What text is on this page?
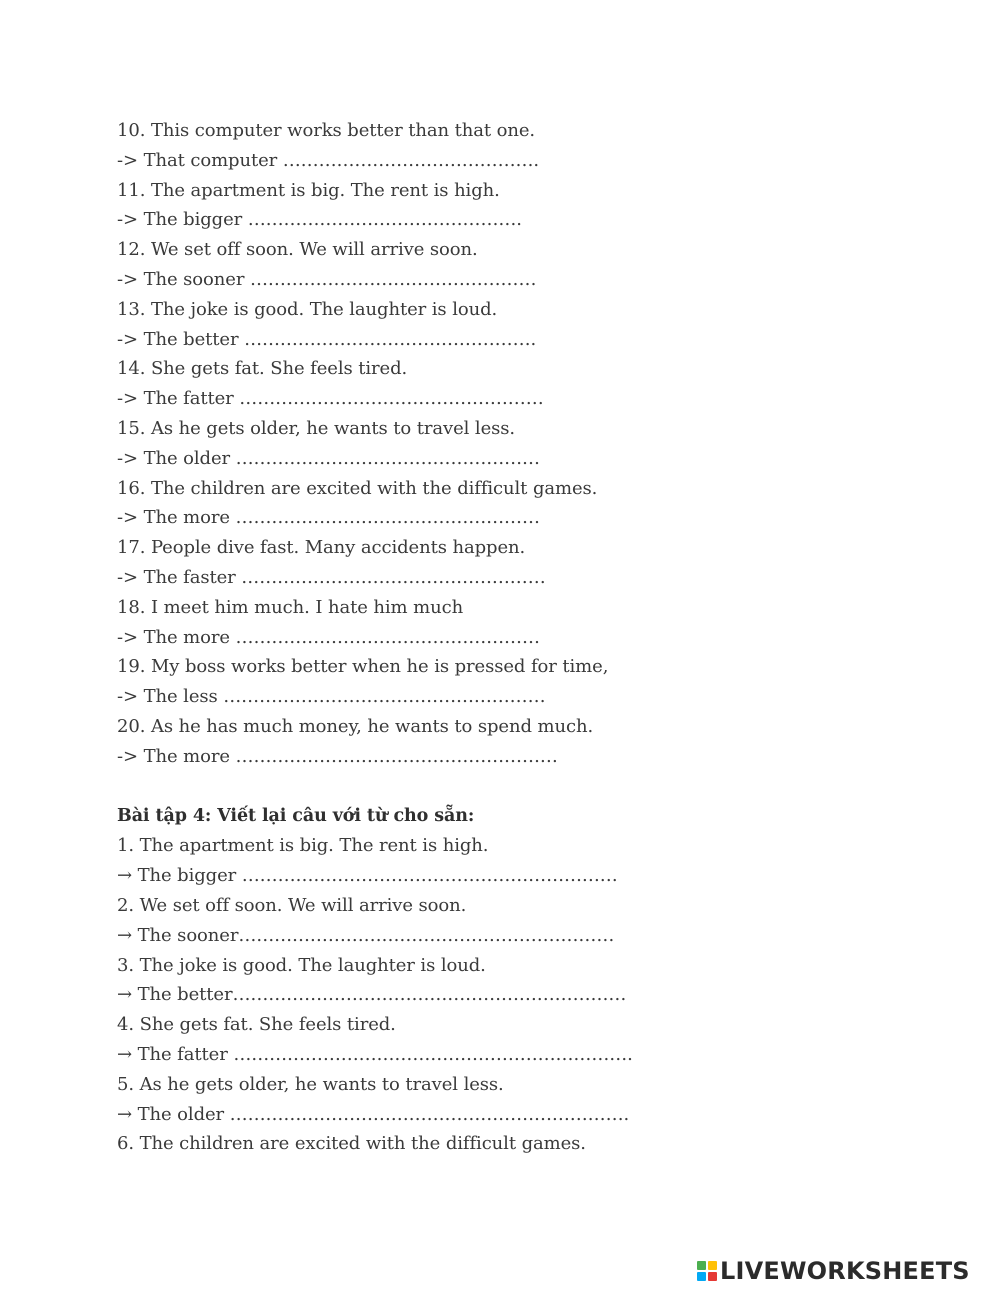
10. This computer works better than that one.
-> That computer …………………………………….
11. The apartment is big. The rent is high.
-> The bigger ……………………………………….
12. We set off soon. We will arrive soon.
-> The sooner …………………………………………
13. The joke is good. The laughter is loud.
-> The better ………………………………………….
14. She gets fat. She feels tired.
-> The fatter ……………………………………………
15. As he gets older, he wants to travel less.
-> The older ……………………………………………
16. The children are excited with the difficult games.
-> The more ……………………………………………
17. People dive fast. Many accidents happen.
-> The faster ……………………………………………
18. I meet him much. I hate him much
-> The more ……………………………………………
19. My boss works better when he is pressed for time,
-> The less ………………………………………………
20. As he has much money, he wants to spend much.
-> The more ………………………………………………
Bài tập 4: Viết lại câu với từ cho sẵn:
1. The apartment is big. The rent is high.
→ The bigger ………………………………………………………
2. We set off soon. We will arrive soon.
→ The sooner………………………………………………………
3. The joke is good. The laughter is loud.
→ The better…………………………………………………………
4. She gets fat. She feels tired.
→ The fatter ………………………………………………………….
5. As he gets older, he wants to travel less.
→ The older ………………………………………………………….
6. The children are excited with the difficult games.
LIVEWORKSHEETS
